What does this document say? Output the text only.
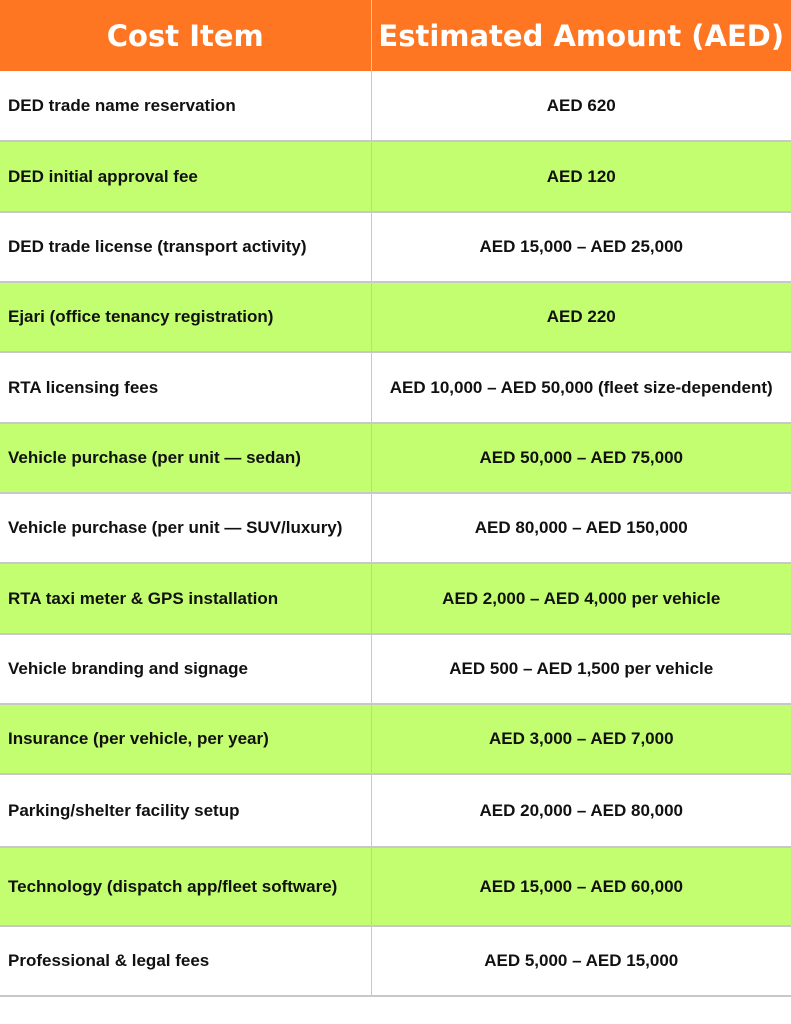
Cost Item	Estimated Amount (AED)
DED trade name reservation	AED 620
DED initial approval fee	AED 120
DED trade license (transport activity)	AED 15,000 – AED 25,000
Ejari (office tenancy registration)	AED 220
RTA licensing fees	AED 10,000 – AED 50,000 (fleet size-dependent)
Vehicle purchase (per unit — sedan)	AED 50,000 – AED 75,000
Vehicle purchase (per unit — SUV/luxury)	AED 80,000 – AED 150,000
RTA taxi meter & GPS installation	AED 2,000 – AED 4,000 per vehicle
Vehicle branding and signage	AED 500 – AED 1,500 per vehicle
Insurance (per vehicle, per year)	AED 3,000 – AED 7,000
Parking/shelter facility setup	AED 20,000 – AED 80,000
Technology (dispatch app/fleet software)	AED 15,000 – AED 60,000
Professional & legal fees	AED 5,000 – AED 15,000
